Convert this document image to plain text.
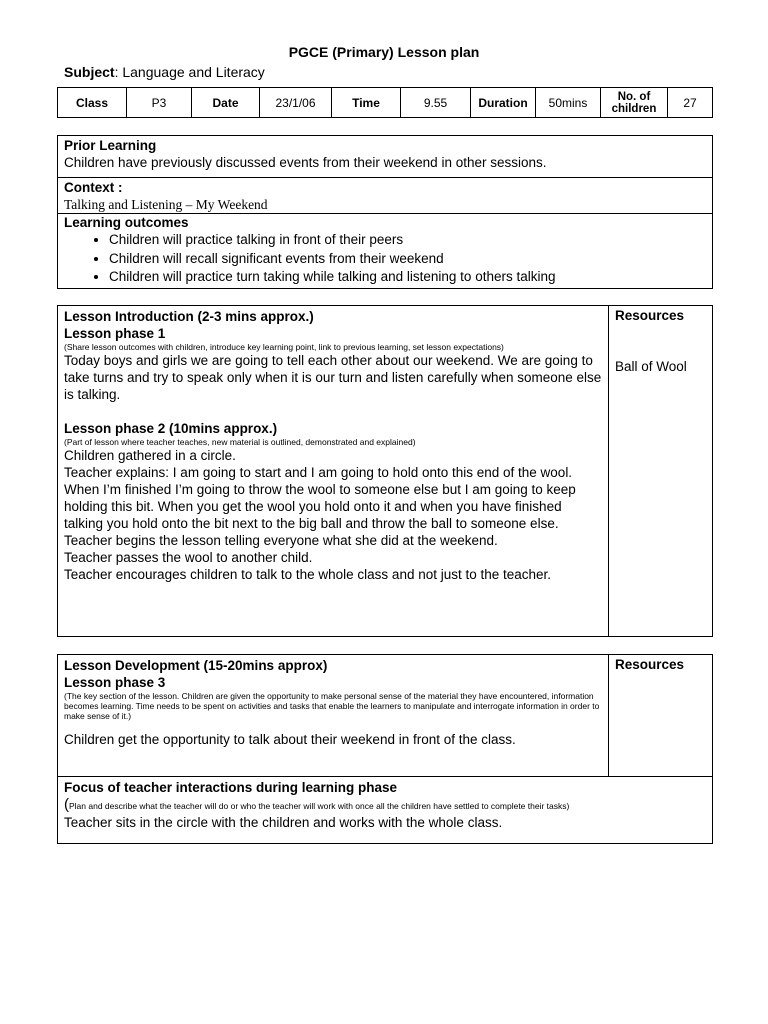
PGCE (Primary) Lesson plan
Subject: Language and Literacy
Class	P3	Date	23/1/06	Time	9.55	Duration	50mins	No. of
children	27
Prior Learning
Children have previously discussed events from their weekend in other sessions.

Context :
Talking and Listening – My Weekend

Learning outcomes
• Children will practice talking in front of their peers
• Children will recall significant events from their weekend
• Children will practice turn taking while talking and listening to others talking
Lesson Introduction (2-3 mins approx.)
Lesson phase 1
(Share lesson outcomes with children, introduce key learning point, link to previous learning, set lesson expectations)
Today boys and girls we are going to tell each other about our weekend. We are going to take turns and try to speak only when it is our turn and listen carefully when someone else is talking.
Lesson phase 2 (10mins approx.)
(Part of lesson where teacher teaches, new material is outlined, demonstrated and explained)
Children gathered in a circle.
Teacher explains: I am going to start and I am going to hold onto this end of the wool. When I’m finished I’m going to throw the wool to someone else but I am going to keep holding this bit. When you get the wool you hold onto it and when you have finished talking you hold onto the bit next to the big ball and throw the ball to someone else.
Teacher begins the lesson telling everyone what she did at the weekend.
Teacher passes the wool to another child.
Teacher encourages children to talk to the whole class and not just to the teacher.

Resources
Ball of Wool
Lesson Development (15-20mins approx)
Lesson phase 3
(The key section of the lesson. Children are given the opportunity to make personal sense of the material they have encountered, information becomes learning. Time needs to be spent on activities and tasks that enable the learners to manipulate and interrogate information in order to make sense of it.)
Children get the opportunity to talk about their weekend in front of the class.

Resources

Focus of teacher interactions during learning phase
(Plan and describe what the teacher will do or who the teacher will work with once all the children have settled to complete their tasks)
Teacher sits in the circle with the children and works with the whole class.
